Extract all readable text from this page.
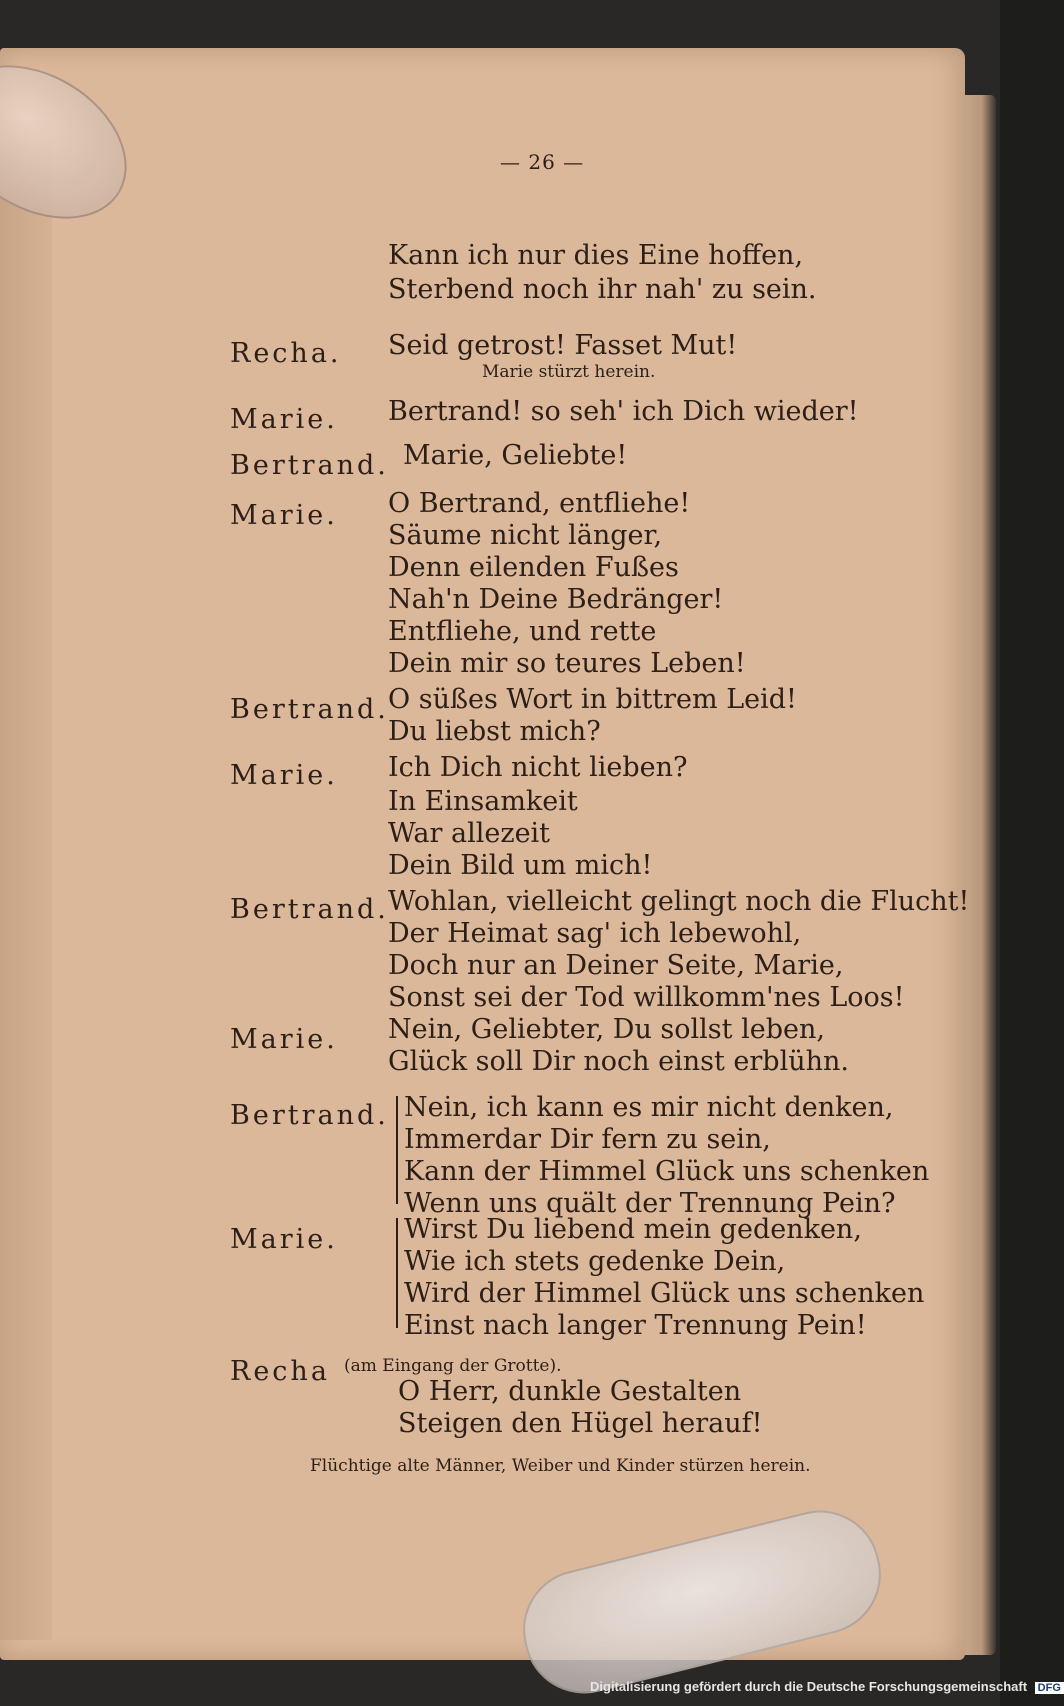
— 26 —
Kann ich nur dies Eine hoffen,
Sterbend noch ihr nah' zu sein.
Recha. Seid getrost! Fasset Mut!
Marie stürzt herein.
Marie. Bertrand! so seh' ich Dich wieder!
Bertrand. Marie, Geliebte!
Marie. O Bertrand, entfliehe!
Säume nicht länger,
Denn eilenden Fußes
Nah'n Deine Bedränger!
Entfliehe, und rette
Dein mir so teures Leben!
Bertrand. O süßes Wort in bittrem Leid!
Du liebst mich?
Marie. Ich Dich nicht lieben?
In Einsamkeit
War allezeit
Dein Bild um mich!
Bertrand. Wohlan, vielleicht gelingt noch die Flucht!
Der Heimat sag' ich lebewohl,
Doch nur an Deiner Seite, Marie,
Sonst sei der Tod willkomm'nes Loos!
Marie. Nein, Geliebter, Du sollst leben,
Glück soll Dir noch einst erblühn.
Bertrand. Nein, ich kann es mir nicht denken,
Immerdar Dir fern zu sein,
Kann der Himmel Glück uns schenken
Wenn uns quält der Trennung Pein?
Marie. Wirst Du liebend mein gedenken,
Wie ich stets gedenke Dein,
Wird der Himmel Glück uns schenken
Einst nach langer Trennung Pein!
Recha (am Eingang der Grotte).
O Herr, dunkle Gestalten
Steigen den Hügel herauf!
Flüchtige alte Männer, Weiber und Kinder stürzen herein.
Digitalisierung gefördert durch die Deutsche Forschungsgemeinschaft DFG
